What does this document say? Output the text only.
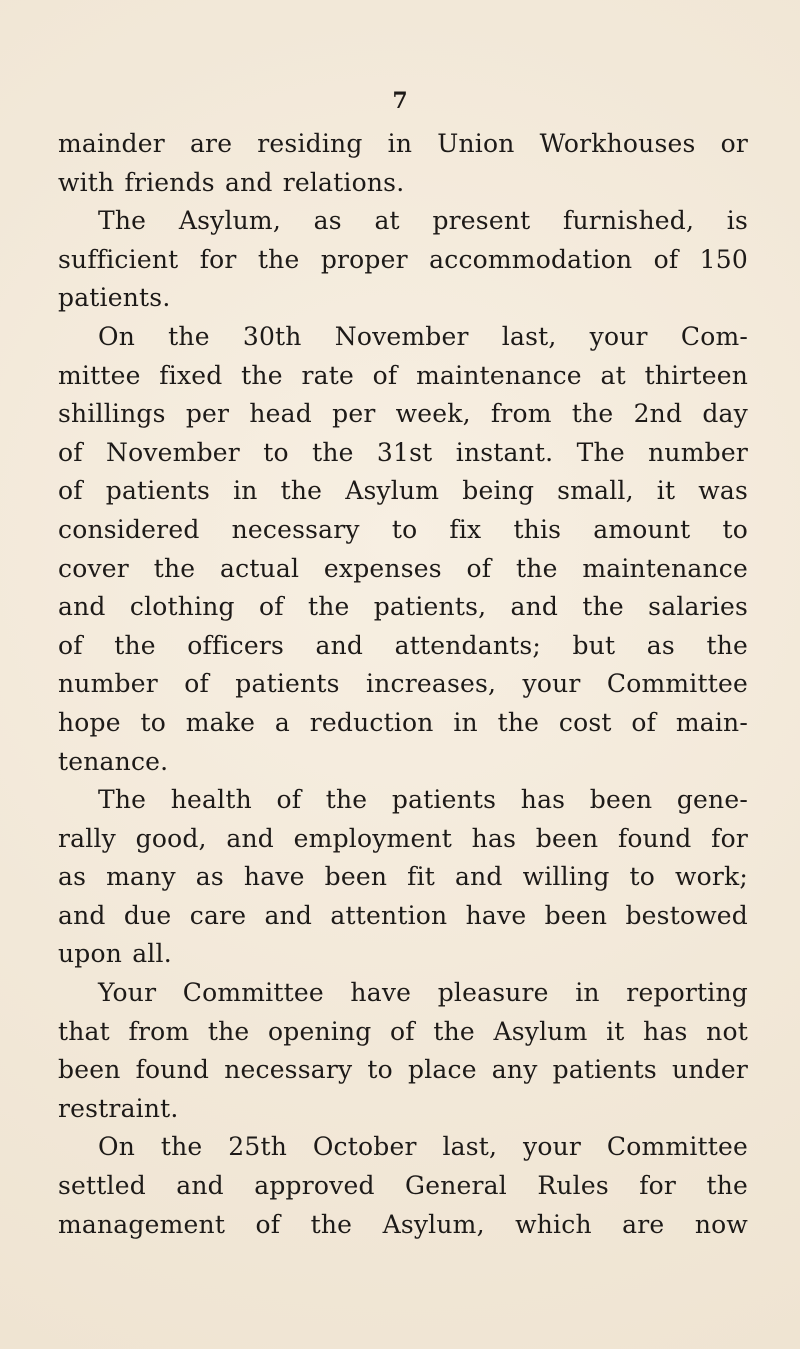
7
mainder are residing in Union Workhouses or
with friends and relations.
The Asylum, as at present furnished, is
sufficient for the proper accommodation of 150
patients.
On the 30th November last, your Com-
mittee fixed the rate of maintenance at thirteen
shillings per head per week, from the 2nd day
of November to the 31st instant. The number
of patients in the Asylum being small, it was
considered necessary to fix this amount to
cover the actual expenses of the maintenance
and clothing of the patients, and the salaries
of the officers and attendants; but as the
number of patients increases, your Committee
hope to make a reduction in the cost of main-
tenance.
The health of the patients has been gene-
rally good, and employment has been found for
as many as have been fit and willing to work;
and due care and attention have been bestowed
upon all.
Your Committee have pleasure in reporting
that from the opening of the Asylum it has not
been found necessary to place any patients under
restraint.
On the 25th October last, your Committee
settled and approved General Rules for the
management of the Asylum, which are now
